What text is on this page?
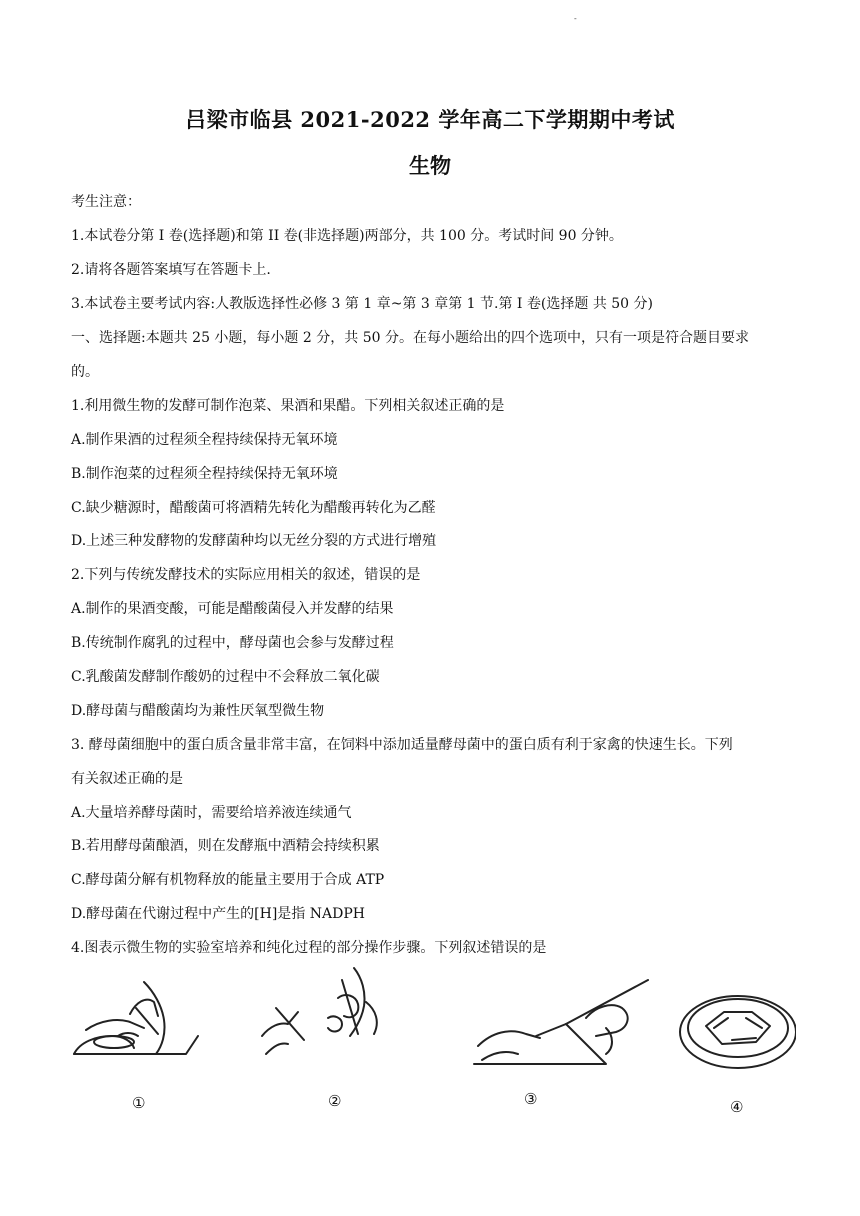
-
吕梁市临县 2021-2022 学年高二下学期期中考试
生物
考生注意：
1.本试卷分第 I 卷(选择题)和第 II 卷(非选择题)两部分，共 100 分。考试时间 90 分钟。
2.请将各题答案填写在答题卡上.
3.本试卷主要考试内容:人教版选择性必修 3 第 1 章~第 3 章第 1 节.第 I 卷(选择题 共 50 分)
一、选择题:本题共 25 小题，每小题 2 分，共 50 分。在每小题给出的四个选项中，只有一项是符合题目要求
的。
1.利用微生物的发酵可制作泡菜、果酒和果醋。下列相关叙述正确的是
A.制作果酒的过程须全程持续保持无氧环境
B.制作泡菜的过程须全程持续保持无氧环境
C.缺少糖源时，醋酸菌可将酒精先转化为醋酸再转化为乙醛
D.上述三种发酵物的发酵菌种均以无丝分裂的方式进行增殖
2.下列与传统发酵技术的实际应用相关的叙述，错误的是
A.制作的果酒变酸，可能是醋酸菌侵入并发酵的结果
B.传统制作腐乳的过程中，酵母菌也会参与发酵过程
C.乳酸菌发酵制作酸奶的过程中不会释放二氧化碳
D.酵母菌与醋酸菌均为兼性厌氧型微生物
3. 酵母菌细胞中的蛋白质含量非常丰富，在饲料中添加适量酵母菌中的蛋白质有利于家禽的快速生长。下列
有关叙述正确的是
A.大量培养酵母菌时，需要给培养液连续通气
B.若用酵母菌酿酒，则在发酵瓶中酒精会持续积累
C.酵母菌分解有机物释放的能量主要用于合成 ATP
D.酵母菌在代谢过程中产生的[H]是指 NADPH
4.图表示微生物的实验室培养和纯化过程的部分操作步骤。下列叙述错误的是
①	②	③	④
